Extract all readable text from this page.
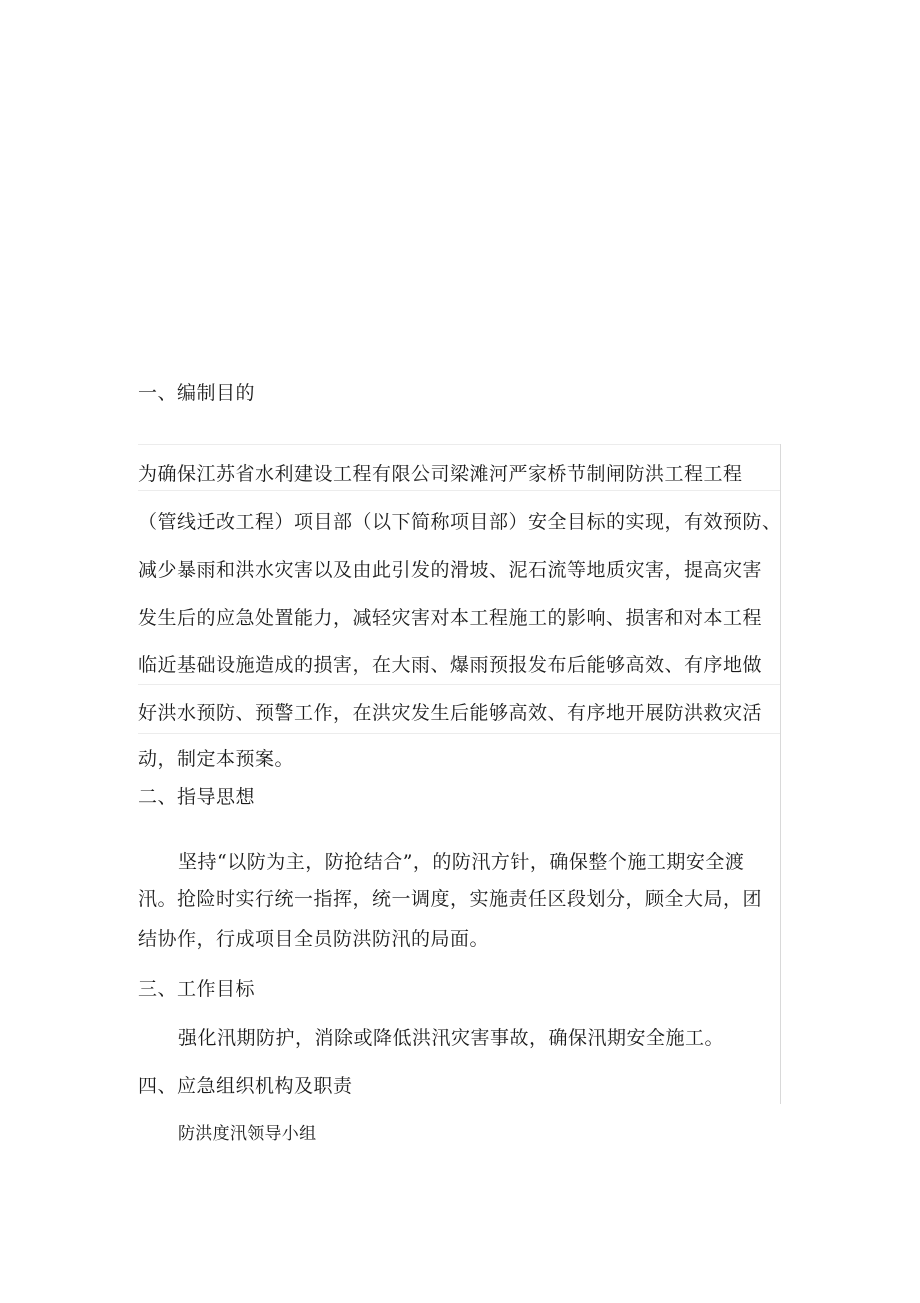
一、编制目的
为确保江苏省水利建设工程有限公司梁滩河严家桥节制闸防洪工程工程
（管线迁改工程）项目部（以下简称项目部）安全目标的实现，有效预防、
减少暴雨和洪水灾害以及由此引发的滑坡、泥石流等地质灾害，提高灾害
发生后的应急处置能力，减轻灾害对本工程施工的影响、损害和对本工程
临近基础设施造成的损害，在大雨、爆雨预报发布后能够高效、有序地做
好洪水预防、预警工作，在洪灾发生后能够高效、有序地开展防洪救灾活
动，制定本预案。
二、指导思想
坚持“以防为主，防抢结合”，的防汛方针，确保整个施工期安全渡
汛。抢险时实行统一指挥，统一调度，实施责任区段划分，顾全大局，团
结协作，行成项目全员防洪防汛的局面。
三、工作目标
强化汛期防护，消除或降低洪汛灾害事故，确保汛期安全施工。
四、应急组织机构及职责
防洪度汛领导小组
